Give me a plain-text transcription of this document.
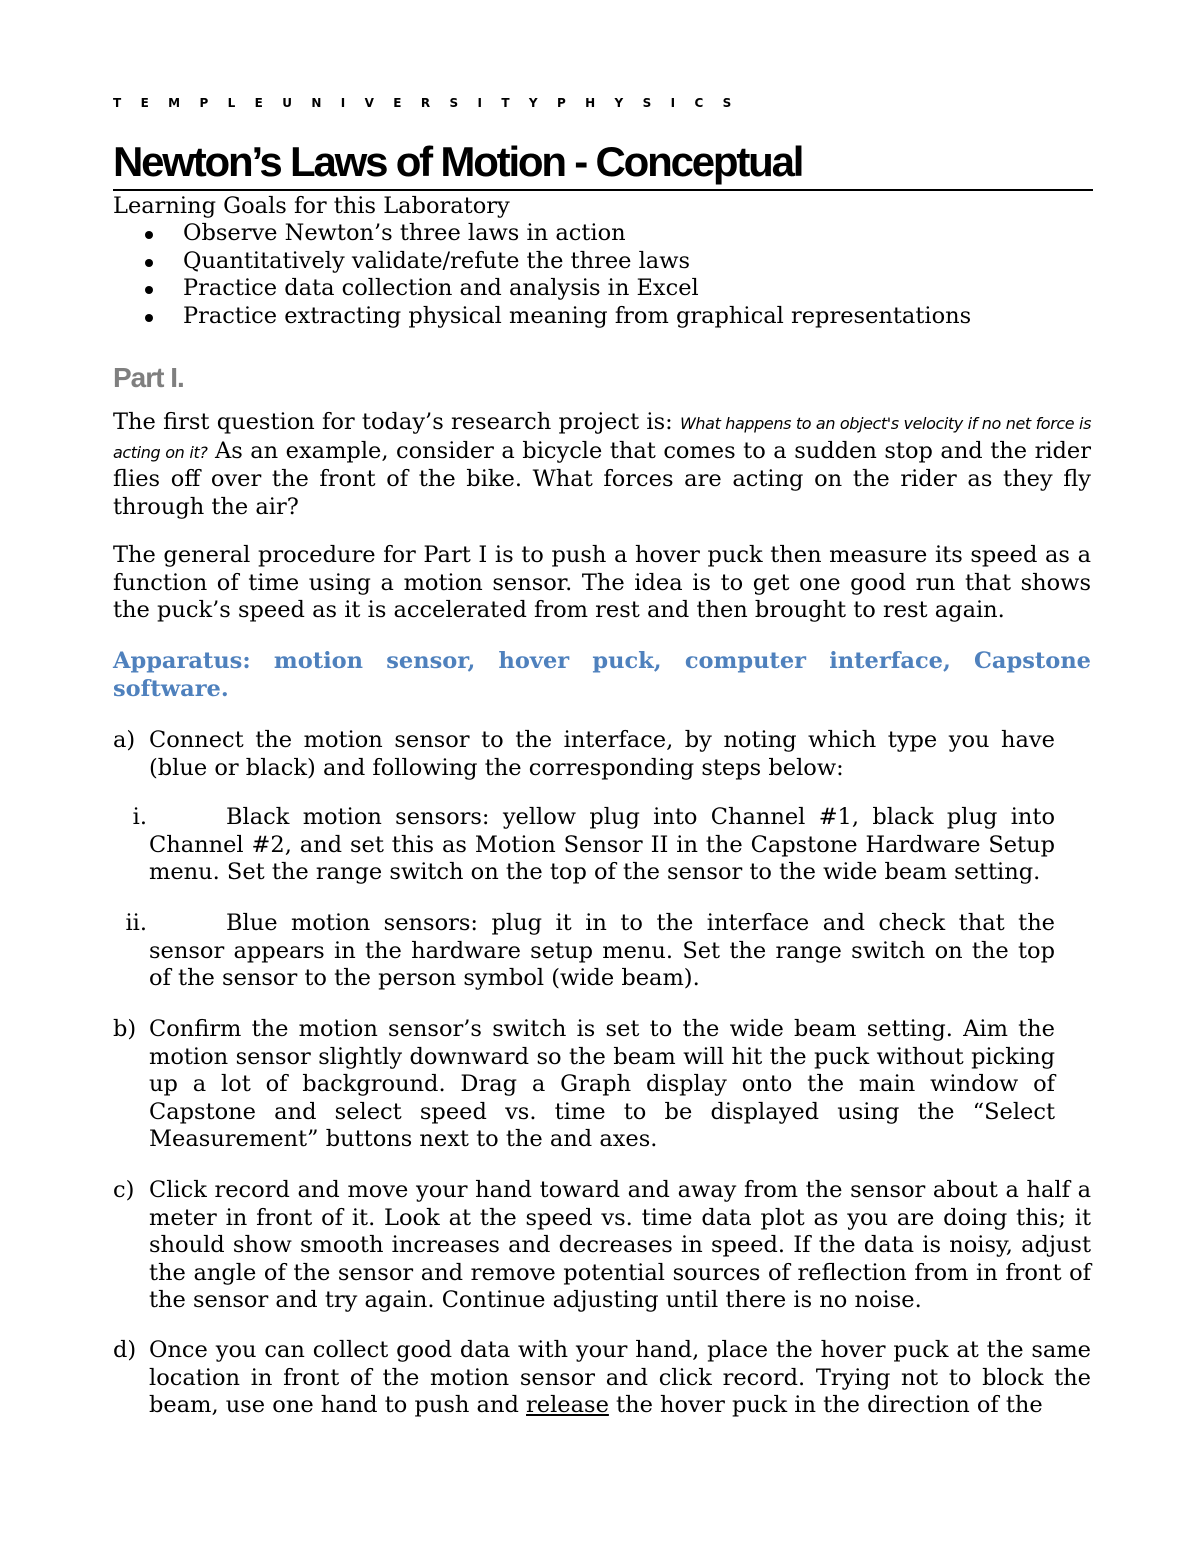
T E M P L E U N I V E R S I T Y P H Y S I C S
Newton’s Laws of Motion - Conceptual
Learning Goals for this Laboratory
Observe Newton’s three laws in action
Quantitatively validate/refute the three laws
Practice data collection and analysis in Excel
Practice extracting physical meaning from graphical representations
Part I.
The first question for today’s research project is: What happens to an object's velocity if no net force is acting on it? As an example, consider a bicycle that comes to a sudden stop and the rider flies off over the front of the bike. What forces are acting on the rider as they fly through the air?
The general procedure for Part I is to push a hover puck then measure its speed as a function of time using a motion sensor. The idea is to get one good run that shows the puck’s speed as it is accelerated from rest and then brought to rest again.
Apparatus: motion sensor, hover puck, computer interface, Capstone software.
a) Connect the motion sensor to the interface, by noting which type you have (blue or black) and following the corresponding steps below:
i.	Black motion sensors: yellow plug into Channel #1, black plug into Channel #2, and set this as Motion Sensor II in the Capstone Hardware Setup menu. Set the range switch on the top of the sensor to the wide beam setting.
ii.	Blue motion sensors: plug it in to the interface and check that the sensor appears in the hardware setup menu. Set the range switch on the top of the sensor to the person symbol (wide beam).
b) Confirm the motion sensor’s switch is set to the wide beam setting. Aim the motion sensor slightly downward so the beam will hit the puck without picking up a lot of background. Drag a Graph display onto the main window of Capstone and select speed vs. time to be displayed using the “Select Measurement” buttons next to the and axes.
c) Click record and move your hand toward and away from the sensor about a half a meter in front of it. Look at the speed vs. time data plot as you are doing this; it should show smooth increases and decreases in speed. If the data is noisy, adjust the angle of the sensor and remove potential sources of reflection from in front of the sensor and try again. Continue adjusting until there is no noise.
d) Once you can collect good data with your hand, place the hover puck at the same location in front of the motion sensor and click record. Trying not to block the beam, use one hand to push and release the hover puck in the direction of the
